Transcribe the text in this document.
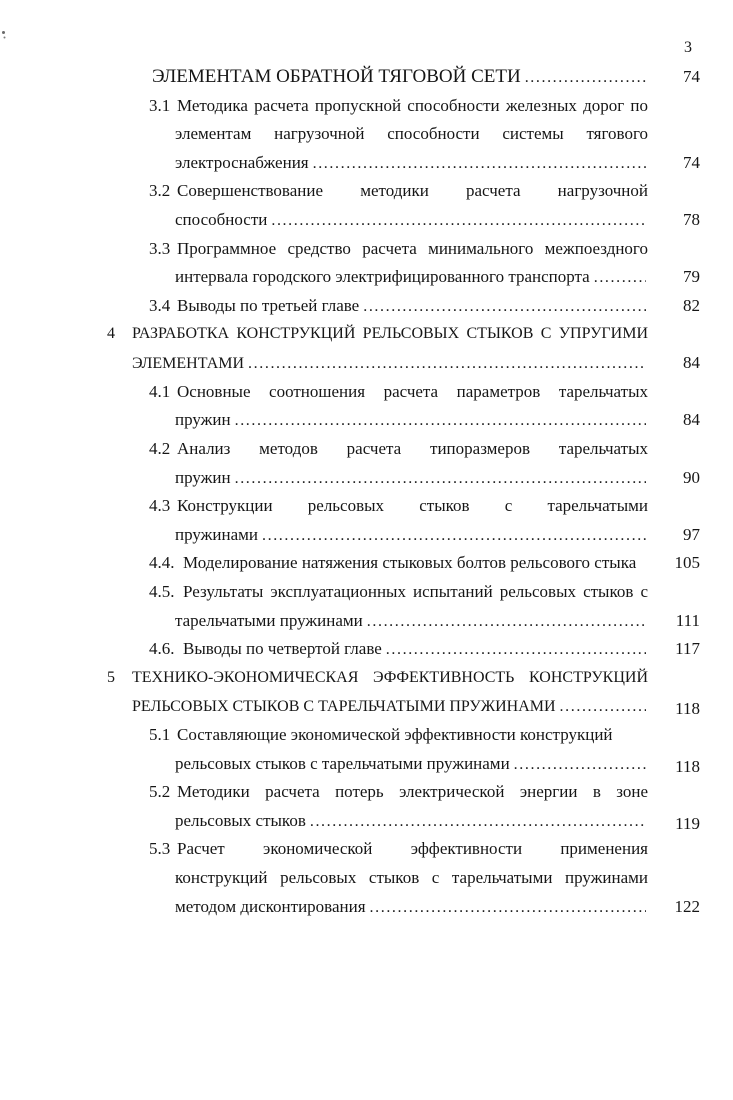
3
ЭЛЕМЕНТАМ ОБРАТНОЙ ТЯГОВОЙ СЕТИ .....	74
3.1 Методика расчета пропускной способности железных дорог по
элементам нагрузочной способности системы тягового
электроснабжения .....	74
3.2 Совершенствование методики расчета нагрузочной
способности .....	78
3.3 Программное средство расчета минимального межпоездного
интервала городского электрифицированного транспорта .....	79
3.4 Выводы по третьей главе .....	82
4	РАЗРАБОТКА КОНСТРУКЦИЙ РЕЛЬСОВЫХ СТЫКОВ С УПРУГИМИ
ЭЛЕМЕНТАМИ .....	84
4.1 Основные соотношения расчета параметров тарельчатых
пружин .....	84
4.2 Анализ методов расчета типоразмеров тарельчатых
пружин .....	90
4.3 Конструкции рельсовых стыков с тарельчатыми
пружинами .....	97
4.4. Моделирование натяжения стыковых болтов рельсового стыка	105
4.5. Результаты эксплуатационных испытаний рельсовых стыков с
тарельчатыми пружинами .....	111
4.6. Выводы по четвертой главе .....	117
5	ТЕХНИКО-ЭКОНОМИЧЕСКАЯ ЭФФЕКТИВНОСТЬ КОНСТРУКЦИЙ
РЕЛЬСОВЫХ СТЫКОВ С ТАРЕЛЬЧАТЫМИ ПРУЖИНАМИ .....	118
5.1 Составляющие экономической эффективности конструкций
рельсовых стыков с тарельчатыми пружинами .....	118
5.2 Методики расчета потерь электрической энергии в зоне
рельсовых стыков .....	119
5.3 Расчет экономической эффективности применения
конструкций рельсовых стыков с тарельчатыми пружинами
методом дисконтирования .....	122
